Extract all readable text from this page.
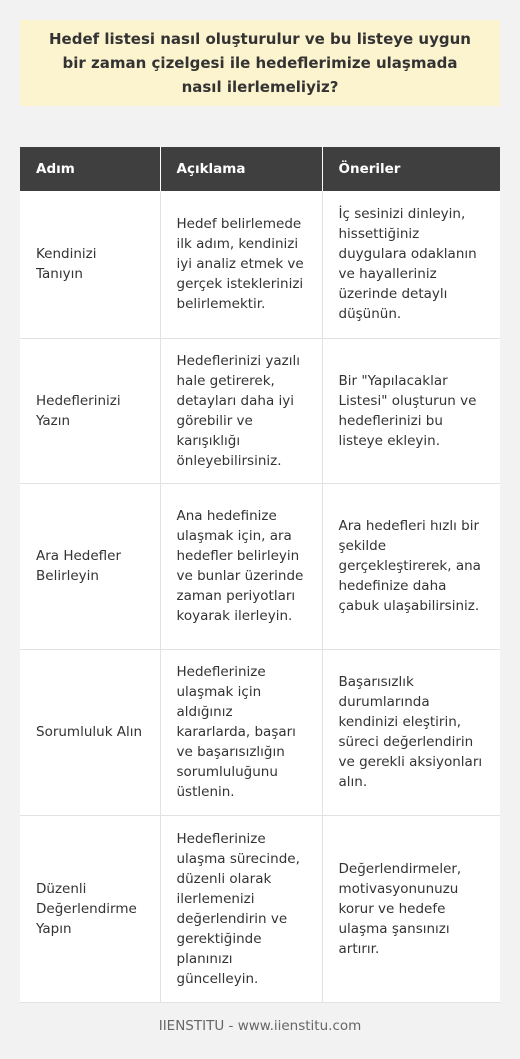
Hedef listesi nasıl oluşturulur ve bu listeye uygun bir zaman çizelgesi ile hedeflerimize ulaşmada nasıl ilerlemeliyiz?
Adım	Açıklama	Öneriler
Kendinizi Tanıyın	Hedef belirlemede ilk adım, kendinizi iyi analiz etmek ve gerçek isteklerinizi belirlemektir.	İç sesinizi dinleyin, hissettiğiniz duygulara odaklanın ve hayalleriniz üzerinde detaylı düşünün.
Hedeflerinizi Yazın	Hedeflerinizi yazılı hale getirerek, detayları daha iyi görebilir ve karışıklığı önleyebilirsiniz.	Bir "Yapılacaklar Listesi" oluşturun ve hedeflerinizi bu listeye ekleyin.
Ara Hedefler Belirleyin	Ana hedefinize ulaşmak için, ara hedefler belirleyin ve bunlar üzerinde zaman periyotları koyarak ilerleyin.	Ara hedefleri hızlı bir şekilde gerçekleştirerek, ana hedefinize daha çabuk ulaşabilirsiniz.
Sorumluluk Alın	Hedeflerinize ulaşmak için aldığınız kararlarda, başarı ve başarısızlığın sorumluluğunu üstlenin.	Başarısızlık durumlarında kendinizi eleştirin, süreci değerlendirin ve gerekli aksiyonları alın.
Düzenli Değerlendirme Yapın	Hedeflerinize ulaşma sürecinde, düzenli olarak ilerlemenizi değerlendirin ve gerektiğinde planınızı güncelleyin.	Değerlendirmeler, motivasyonunuzu korur ve hedefe ulaşma şansınızı artırır.
IIENSTITU - www.iienstitu.com
